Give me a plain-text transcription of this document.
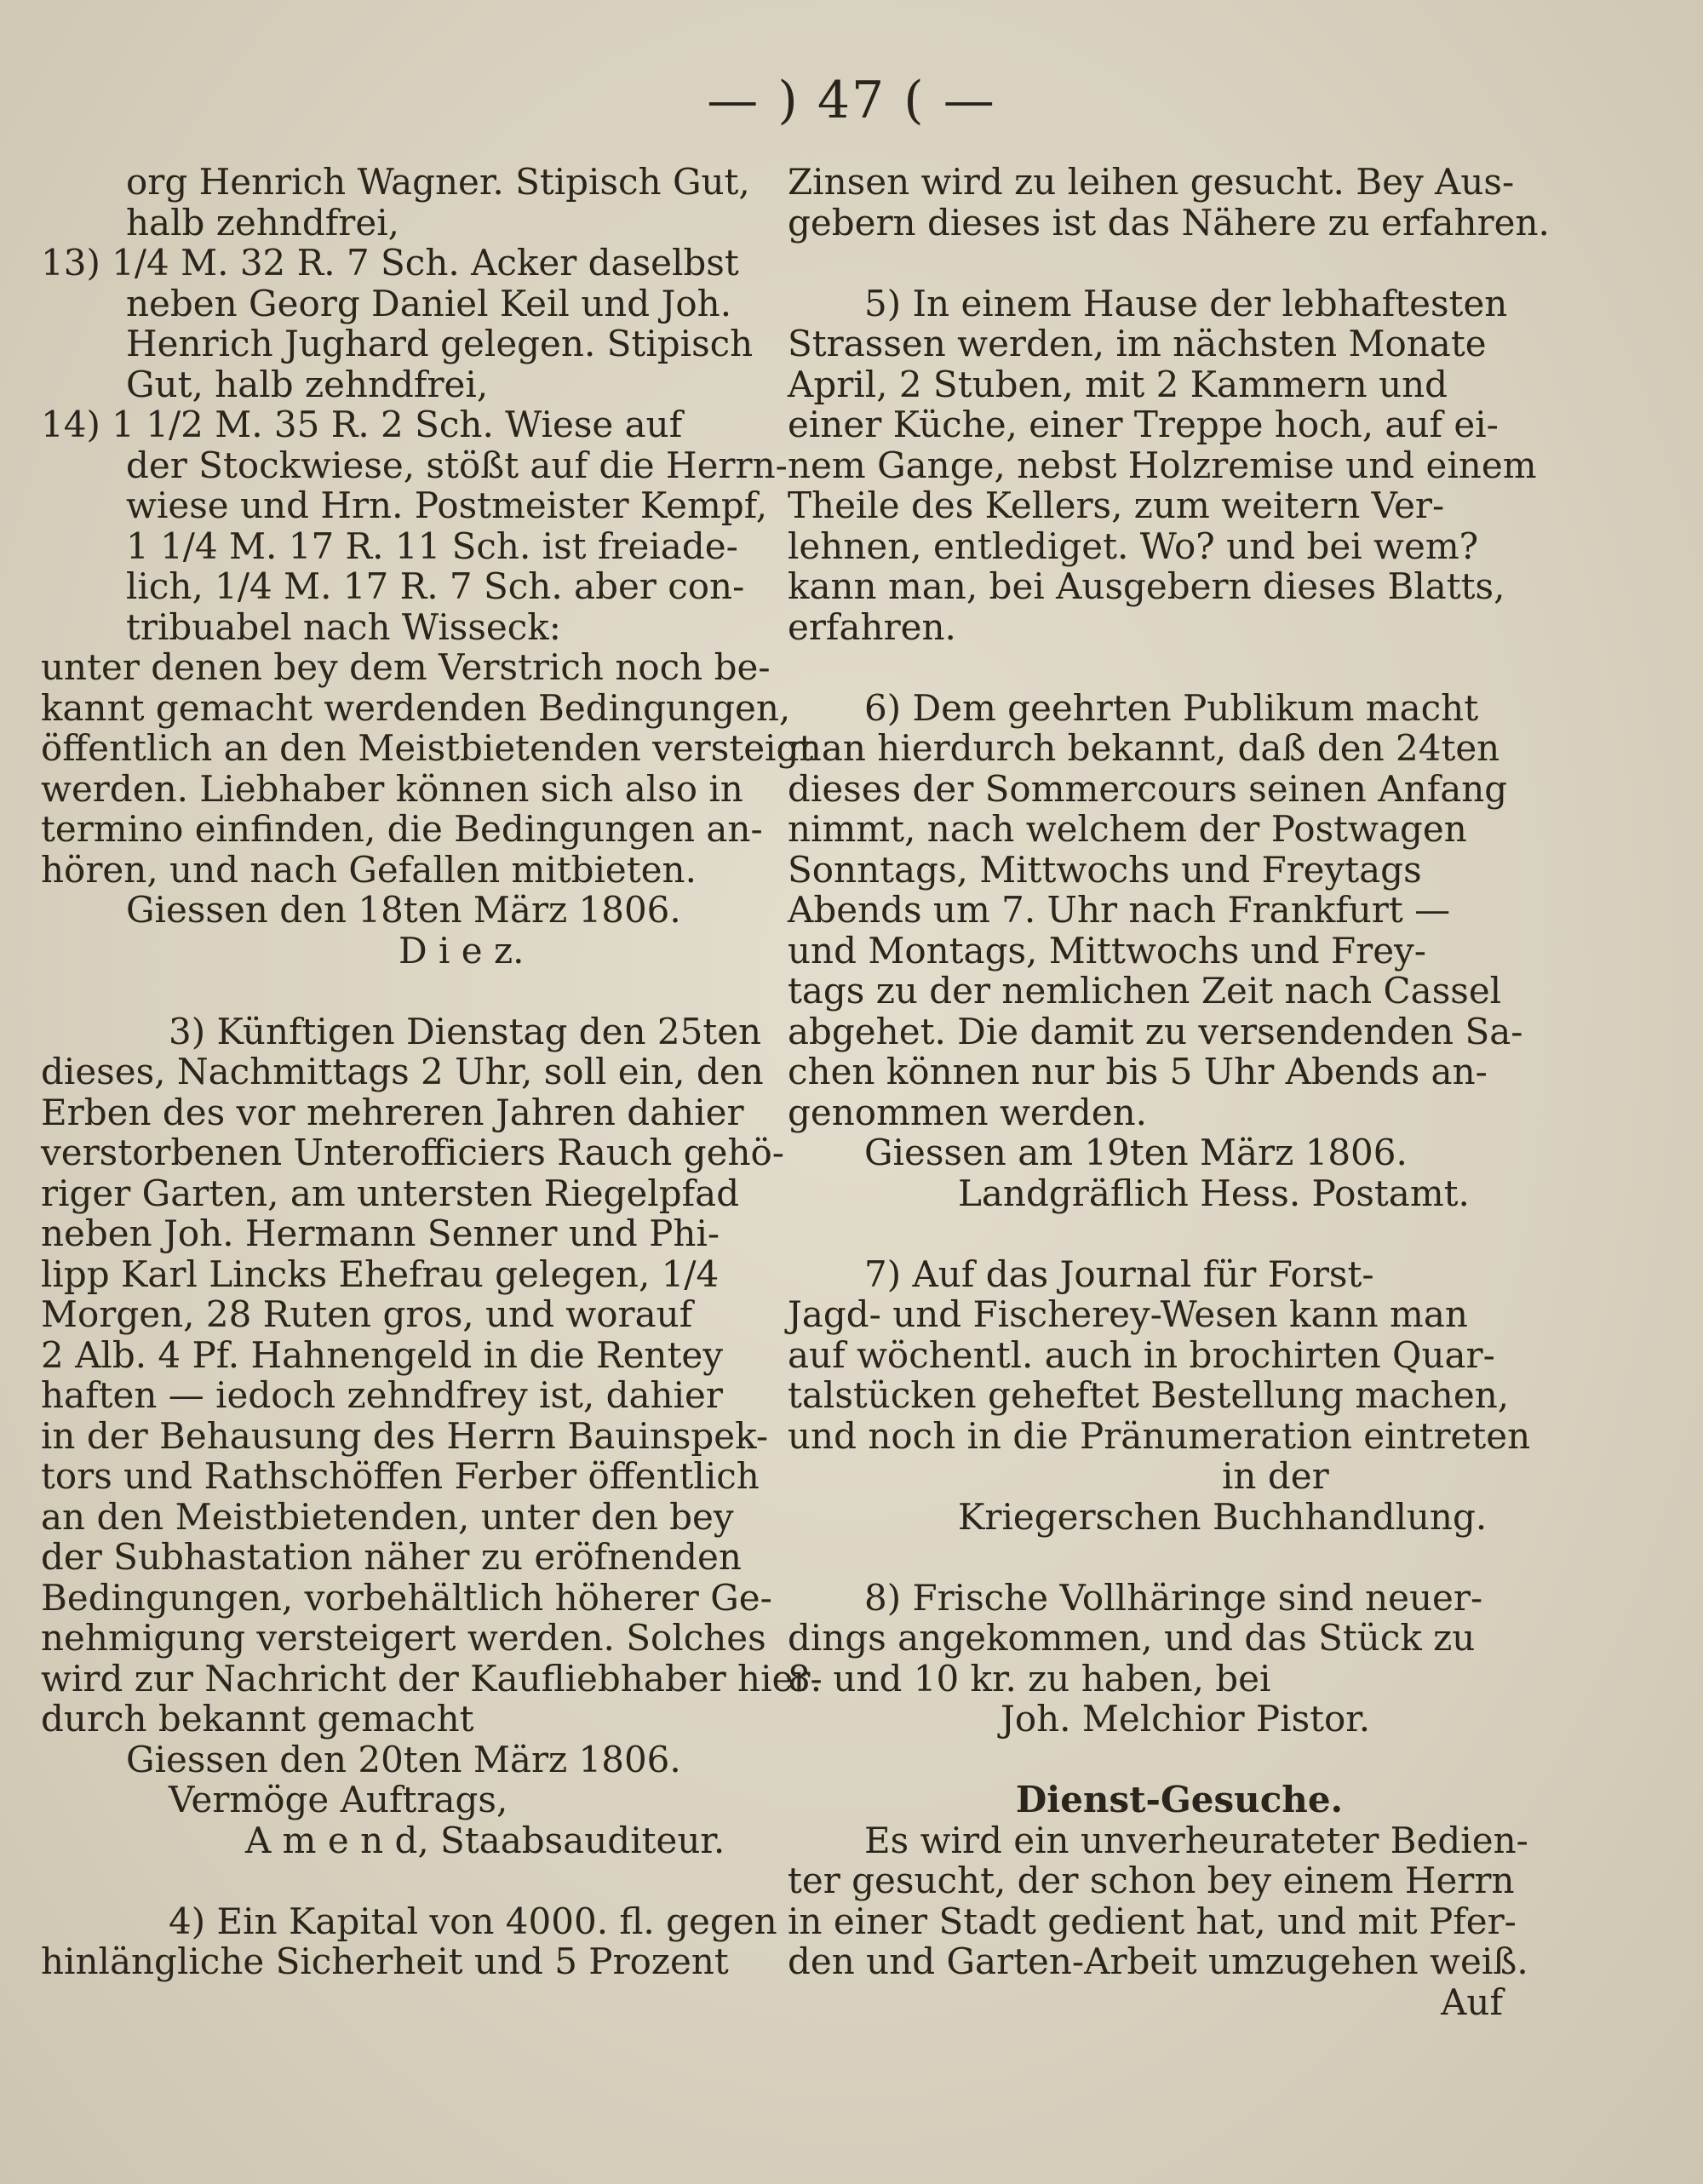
— ) 47 ( —
org Henrich Wagner. Stipisch Gut,
halb zehndfrei,
13) 1/4 M. 32 R. 7 Sch. Acker daselbst
neben Georg Daniel Keil und Joh.
Henrich Jughard gelegen. Stipisch
Gut, halb zehndfrei,
14) 1 1/2 M. 35 R. 2 Sch. Wiese auf
der Stockwiese, stößt auf die Herrn-
wiese und Hrn. Postmeister Kempf,
1 1/4 M. 17 R. 11 Sch. ist freiade-
lich, 1/4 M. 17 R. 7 Sch. aber con-
tribuabel nach Wisseck:
unter denen bey dem Verstrich noch be-
kannt gemacht werdenden Bedingungen,
öffentlich an den Meistbietenden versteigt
werden. Liebhaber können sich also in
termino einfinden, die Bedingungen an-
hören, und nach Gefallen mitbieten.
Giessen den 18ten März 1806.
D i e z.
3) Künftigen Dienstag den 25ten
dieses, Nachmittags 2 Uhr, soll ein, den
Erben des vor mehreren Jahren dahier
verstorbenen Unterofficiers Rauch gehö-
riger Garten, am untersten Riegelpfad
neben Joh. Hermann Senner und Phi-
lipp Karl Lincks Ehefrau gelegen, 1/4
Morgen, 28 Ruten gros, und worauf
2 Alb. 4 Pf. Hahnengeld in die Rentey
haften — iedoch zehndfrey ist, dahier
in der Behausung des Herrn Bauinspek-
tors und Rathschöffen Ferber öffentlich
an den Meistbietenden, unter den bey
der Subhastation näher zu eröfnenden
Bedingungen, vorbehältlich höherer Ge-
nehmigung versteigert werden. Solches
wird zur Nachricht der Kaufliebhaber hier-
durch bekannt gemacht
Giessen den 20ten März 1806.
Vermöge Auftrags,
A m e n d, Staabsauditeur.
4) Ein Kapital von 4000. fl. gegen
hinlängliche Sicherheit und 5 Prozent
Zinsen wird zu leihen gesucht. Bey Aus-
gebern dieses ist das Nähere zu erfahren.
5) In einem Hause der lebhaftesten
Strassen werden, im nächsten Monate
April, 2 Stuben, mit 2 Kammern und
einer Küche, einer Treppe hoch, auf ei-
nem Gange, nebst Holzremise und einem
Theile des Kellers, zum weitern Ver-
lehnen, entlediget. Wo? und bei wem?
kann man, bei Ausgebern dieses Blatts,
erfahren.
6) Dem geehrten Publikum macht
man hierdurch bekannt, daß den 24ten
dieses der Sommercours seinen Anfang
nimmt, nach welchem der Postwagen
Sonntags, Mittwochs und Freytags
Abends um 7. Uhr nach Frankfurt —
und Montags, Mittwochs und Frey-
tags zu der nemlichen Zeit nach Cassel
abgehet. Die damit zu versendenden Sa-
chen können nur bis 5 Uhr Abends an-
genommen werden.
Giessen am 19ten März 1806.
Landgräflich Hess. Postamt.
7) Auf das Journal für Forst-
Jagd- und Fischerey-Wesen kann man
auf wöchentl. auch in brochirten Quar-
talstücken geheftet Bestellung machen,
und noch in die Pränumeration eintreten
in der
Kriegerschen Buchhandlung.
8) Frische Vollhäringe sind neuer-
dings angekommen, und das Stück zu
8. und 10 kr. zu haben, bei
Joh. Melchior Pistor.
Dienst-Gesuche.
Es wird ein unverheurateter Bedien-
ter gesucht, der schon bey einem Herrn
in einer Stadt gedient hat, und mit Pfer-
den und Garten-Arbeit umzugehen weiß.
Auf
